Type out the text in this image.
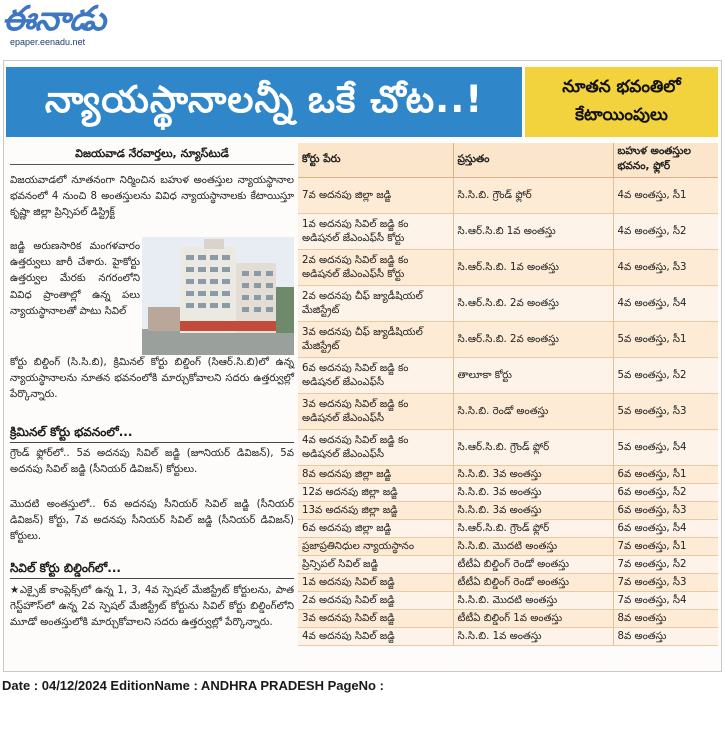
ఈనాడు
epaper.eenadu.net
న్యాయస్థానాలన్నీ ఒకే చోట..!	నూతన భవంతిలో
కేటాయింపులు
విజయవాడ నేరవార్తలు, న్యూస్‌టుడే
విజయవాడలో నూతనంగా నిర్మించిన బహుళ అంతస్తుల న్యాయస్థానాల భవనంలో 4 నుంచి 8 అంతస్తులను వివిధ న్యాయస్థానాలకు కేటాయిస్తూ కృష్ణా జిల్లా ప్రిన్సిపల్ డిస్ట్రిక్ట్
జడ్జి అరుణసారిక మంగళవారం ఉత్తర్వులు జారీ చేశారు. హైకోర్టు ఉత్తర్వుల మేరకు నగరంలోని వివిధ ప్రాంతాల్లో ఉన్న పలు న్యాయస్థానాలతో పాటు సివిల్
కోర్టు బిల్డింగ్ (సి.సి.బి), క్రిమినల్ కోర్టు బిల్డింగ్ (సిఆర్.సి.బి)లో ఉన్న న్యాయస్థానాలను నూతన భవనంలోకి మార్చుకోవాలని సదరు ఉత్తర్వుల్లో పేర్కొన్నారు.
క్రిమినల్ కోర్టు భవనంలో...
గ్రౌండ్ ఫ్లోర్‌లో.. 5వ అదనపు సివిల్ జడ్జి (జూనియర్ డివిజన్), 5వ అదనపు సివిల్ జడ్జి (సీనియర్ డివిజన్) కోర్టులు.
మొదటి అంతస్తులో.. 6వ అదనపు సీనియర్ సివిల్ జడ్జి (సీనియర్ డివిజన్) కోర్టు, 7వ అదనపు సీనియర్ సివిల్ జడ్జి (సీనియర్ డివిజన్) కోర్టులు.
సివిల్ కోర్టు బిల్డింగ్‌లో...
★ఎక్సైజ్ కాంప్లెక్స్‌లో ఉన్న 1, 3, 4వ స్పెషల్ మేజిస్ట్రేట్ కోర్టులను, పాత గెస్ట్‌హౌస్‌లో ఉన్న 2వ స్పెషల్ మేజిస్ట్రేట్ కోర్టును సివిల్ కోర్టు బిల్డింగ్‌లోని మూడో అంతస్తులోకి మార్చుకోవాలని సదరు ఉత్తర్వుల్లో పేర్కొన్నారు.
కోర్టు పేరు	ప్రస్తుతం	బహుళ అంతస్తుల భవనం, ఫ్లోర్
7వ అదనపు జిల్లా జడ్జి	సి.సి.బి. గ్రౌండ్ ఫ్లోర్	4వ అంతస్తు, సీ1
1వ అదనపు సివిల్ జడ్జి కం అడిషనల్ జేఎంఎఫ్‌సీ కోర్టు	సి.ఆర్.సి.బి 1వ అంతస్తు	4వ అంతస్తు, సీ2
2వ అదనపు సివిల్ జడ్జి కం అడిషనల్ జేఎంఎఫ్‌సీ కోర్టు	సి.ఆర్.సి.బి. 1వ అంతస్తు	4వ అంతస్తు, సీ3
2వ అదనపు చీఫ్ జ్యుడీషియల్ మేజిస్ట్రేట్	సి.ఆర్.సి.బి. 2వ అంతస్తు	4వ అంతస్తు, సీ4
3వ అదనపు చీఫ్ జ్యుడీషియల్ మేజిస్ట్రేట్	సి.ఆర్.సి.బి. 2వ అంతస్తు	5వ అంతస్తు, సీ1
6వ అదనపు సివిల్ జడ్జి కం అడిషనల్ జేఎంఎఫ్‌సీ	తాలూకా కోర్టు	5వ అంతస్తు, సీ2
3వ అదనపు సివిల్ జడ్జి కం అడిషనల్ జేఎంఎఫ్‌సీ	సి.సి.బి. రెండో అంతస్తు	5వ అంతస్తు, సీ3
4వ అదనపు సివిల్ జడ్జి కం అడిషనల్ జేఎంఎఫ్‌సీ	సి.ఆర్.సి.బి. గ్రౌండ్ ఫ్లోర్	5వ అంతస్తు, సీ4
8వ అదనపు జిల్లా జడ్జి	సి.సి.బి. 3వ అంతస్తు	6వ అంతస్తు, సీ1
12వ అదనపు జిల్లా జడ్జి	సి.సి.బి. 3వ అంతస్తు	6వ అంతస్తు, సీ2
13వ అదనపు జిల్లా జడ్జి	సి.సి.బి. 3వ అంతస్తు	6వ అంతస్తు, సీ3
6వ అదనపు జిల్లా జడ్జి	సి.ఆర్.సి.బి. గ్రౌండ్ ఫ్లోర్	6వ అంతస్తు, సీ4
ప్రజాప్రతినిధుల న్యాయస్థానం	సి.సి.బి. మొదటి అంతస్తు	7వ అంతస్తు, సీ1
ప్రిన్సిపల్ సివిల్ జడ్జి	టీటీఏ బిల్డింగ్ రెండో అంతస్తు	7వ అంతస్తు, సీ2
1వ అదనపు సివిల్ జడ్జి	టీటీఏ బిల్డింగ్ రెండో అంతస్తు	7వ అంతస్తు, సీ3
2వ అదనపు సివిల్ జడ్జి	సి.సి.బి. మొదటి అంతస్తు	7వ అంతస్తు, సీ4
3వ అదనపు సివిల్ జడ్జి	టీటీఏ బిల్డింగ్ 1వ అంతస్తు	8వ అంతస్తు
4వ అదనపు సివిల్ జడ్జి	సి.సి.బి. 1వ అంతస్తు	8వ అంతస్తు
Date : 04/12/2024 EditionName : ANDHRA PRADESH PageNo :
